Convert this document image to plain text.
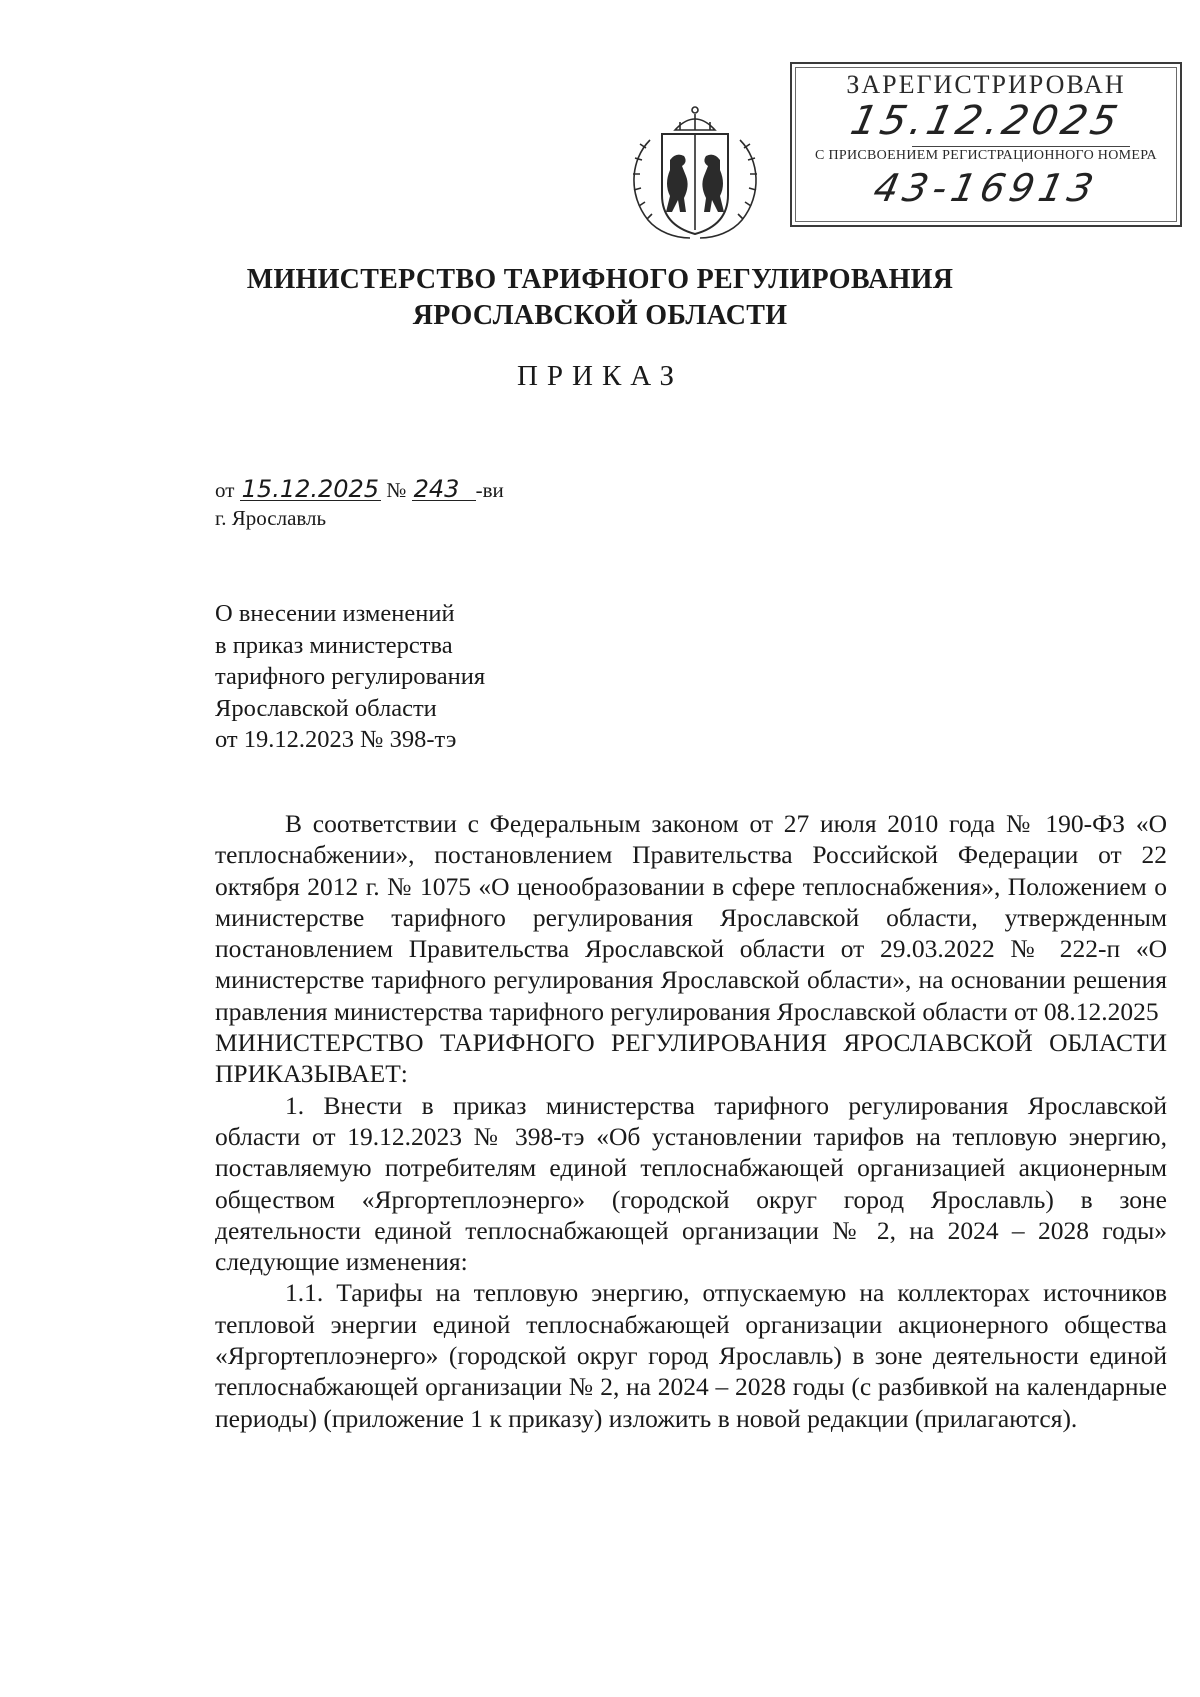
ЗАРЕГИСТРИРОВАН
15.12.2025
С ПРИСВОЕНИЕМ РЕГИСТРАЦИОННОГО НОМЕРА
43-16913
МИНИСТЕРСТВО ТАРИФНОГО РЕГУЛИРОВАНИЯ
ЯРОСЛАВСКОЙ ОБЛАСТИ
ПРИКАЗ
от 15.12.2025 № 243 -ви
г. Ярославль
О внесении изменений
в приказ министерства
тарифного регулирования
Ярославской области
от 19.12.2023 № 398-тэ

В соответствии с Федеральным законом от 27 июля 2010 года № 190-ФЗ «О теплоснабжении», постановлением Правительства Российской Федерации от 22 октября 2012 г. № 1075 «О ценообразовании в сфере теплоснабжения», Положением о министерстве тарифного регулирования Ярославской области, утвержденным постановлением Правительства Ярославской области от 29.03.2022 № 222-п «О министерстве тарифного регулирования Ярославской области», на основании решения правления министерства тарифного регулирования Ярославской области от 08.12.2025

МИНИСТЕРСТВО ТАРИФНОГО РЕГУЛИРОВАНИЯ ЯРОСЛАВСКОЙ ОБЛАСТИ ПРИКАЗЫВАЕТ:

1. Внести в приказ министерства тарифного регулирования Ярославской области от 19.12.2023 № 398-тэ «Об установлении тарифов на тепловую энергию, поставляемую потребителям единой теплоснабжающей организацией акционерным обществом «Яргортеплоэнерго» (городской округ город Ярославль) в зоне деятельности единой теплоснабжающей организации № 2, на 2024 – 2028 годы» следующие изменения:

1.1. Тарифы на тепловую энергию, отпускаемую на коллекторах источников тепловой энергии единой теплоснабжающей организации акционерного общества «Яргортеплоэнерго» (городской округ город Ярославль) в зоне деятельности единой теплоснабжающей организации № 2, на 2024 – 2028 годы (с разбивкой на календарные периоды) (приложение 1 к приказу) изложить в новой редакции (прилагаются).
